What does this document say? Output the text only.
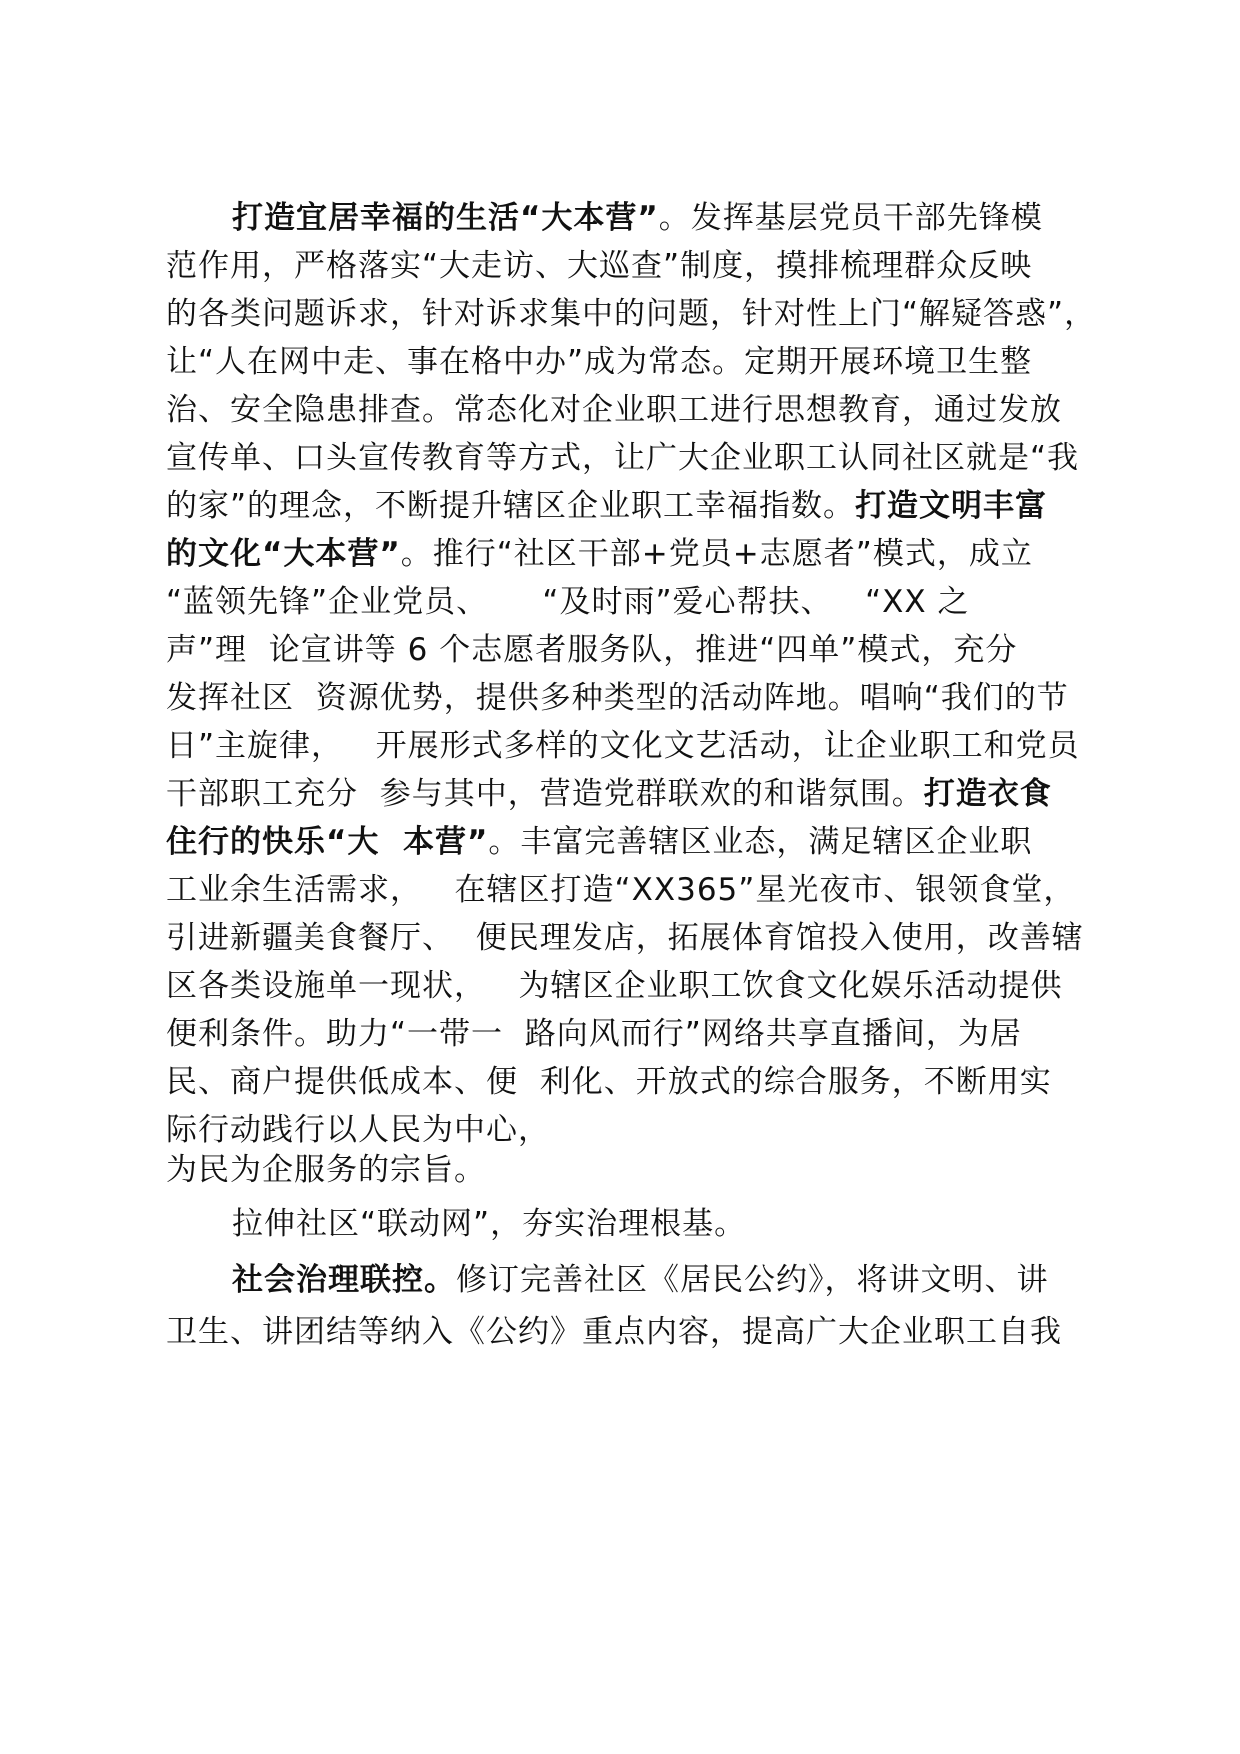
打造宜居幸福的生活“大本营”。发挥基层党员干部先锋模
范作用，严格落实“大走访、大巡查”制度，摸排梳理群众反映
的各类问题诉求，针对诉求集中的问题，针对性上门“解疑答惑”，
让“人在网中走、事在格中办”成为常态。定期开展环境卫生整
治、安全隐患排查。常态化对企业职工进行思想教育，通过发放
宣传单、口头宣传教育等方式，让广大企业职工认同社区就是“我
的家”的理念，不断提升辖区企业职工幸福指数。打造文明丰富
的文化“大本营”。推行“社区干部+党员+志愿者”模式，成立
“蓝领先锋”企业党员、     “及时雨”爱心帮扶、   “XX 之
声”理  论宣讲等 6 个志愿者服务队，推进“四单”模式，充分
发挥社区  资源优势，提供多种类型的活动阵地。唱响“我们的节
日”主旋律，   开展形式多样的文化文艺活动，让企业职工和党员
干部职工充分  参与其中，营造党群联欢的和谐氛围。打造衣食
住行的快乐“大  本营”。丰富完善辖区业态，满足辖区企业职
工业余生活需求，   在辖区打造“XX365”星光夜市、银领食堂，
引进新疆美食餐厅、  便民理发店，拓展体育馆投入使用，改善辖
区各类设施单一现状，   为辖区企业职工饮食文化娱乐活动提供
便利条件。助力“一带一  路向风而行”网络共享直播间，为居
民、商户提供低成本、便  利化、开放式的综合服务，不断用实
际行动践行以人民为中心，
为民为企服务的宗旨。
拉伸社区“联动网”，夯实治理根基。
社会治理联控。修订完善社区《居民公约》，将讲文明、讲
卫生、讲团结等纳入《公约》重点内容，提高广大企业职工自我
